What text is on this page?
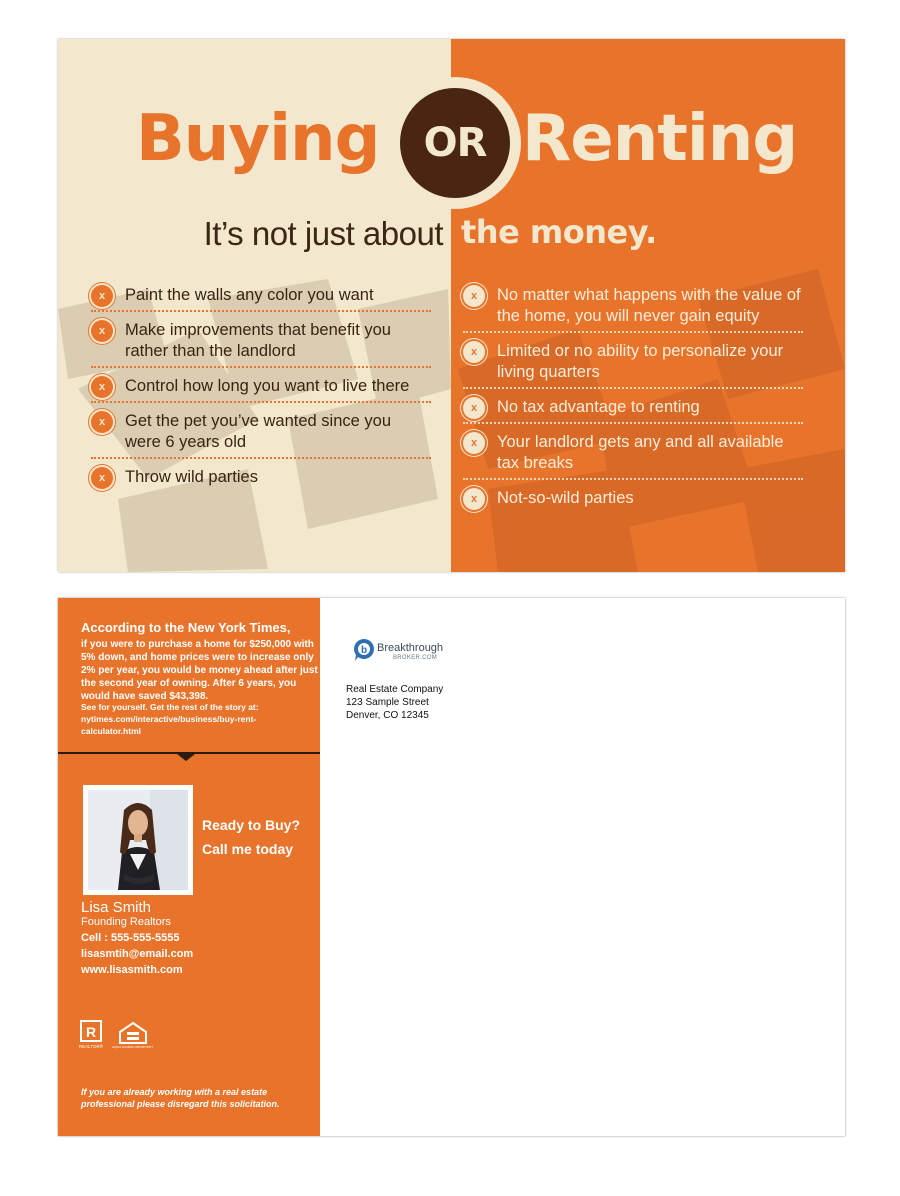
Buying Renting
OR
It’s not just about the money.
x	Paint the walls any color you want
x	Make improvements that benefit you rather than the landlord
x	Control how long you want to live there
x	Get the pet you’ve wanted since you were 6 years old
x	Throw wild parties
x	No matter what happens with the value of the home, you will never gain equity
x	Limited or no ability to personalize your living quarters
x	No tax advantage to renting
x	Your landlord gets any and all available tax breaks
x	Not-so-wild parties
According to the New York Times,
if you were to purchase a home for $250,000 with 5% down, and home prices were to increase only 2% per year, you would be money ahead after just the second year of owning. After 6 years, you would have saved $43,398.
See for yourself. Get the rest of the story at: nytimes.com/interactive/business/buy-rent-calculator.html
Ready to Buy?
Call me today
Lisa Smith
Founding Realtors
Cell : 555-555-5555
lisasmtih@email.com
www.lisasmith.com
R
REALTOR®	EQUAL HOUSING OPPORTUNITY
If you are already working with a real estate professional please disregard this solicitation.
b Breakthrough
BROKER.COM
Real Estate Company
123 Sample Street
Denver, CO 12345
